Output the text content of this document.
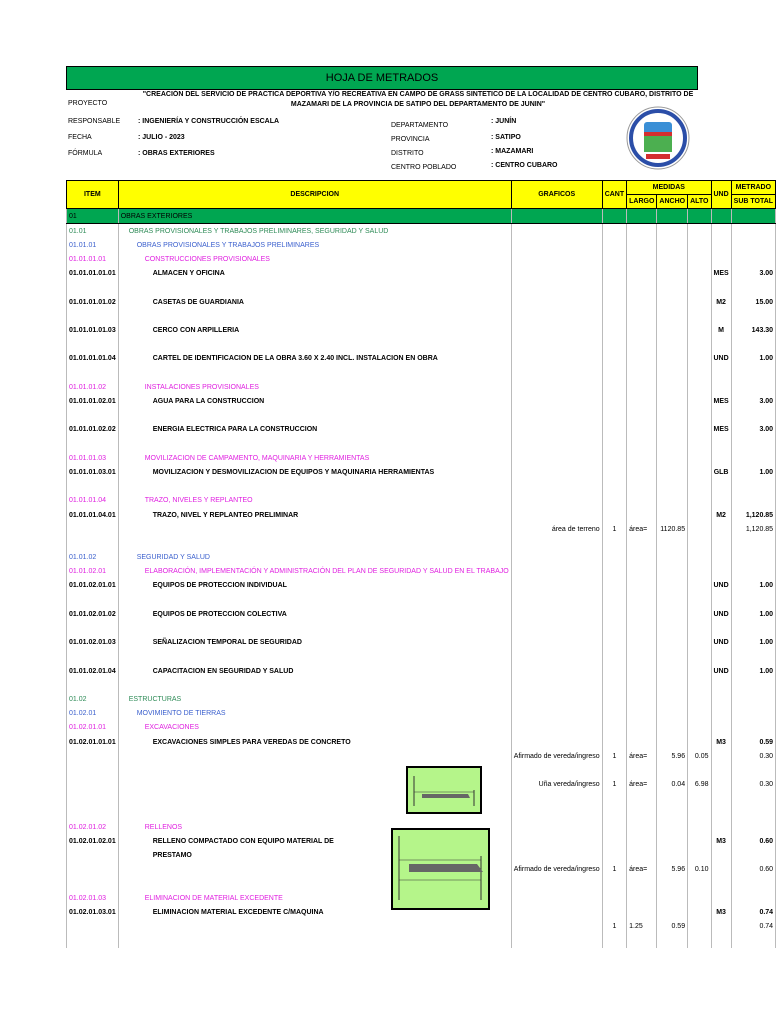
HOJA DE METRADOS
PROYECTO
"CREACIÓN DEL SERVICIO DE PRACTICA DEPORTIVA Y/O RECREATIVA EN CAMPO DE GRASS SINTETICO DE LA LOCALIDAD DE CENTRO CUBARO, DISTRITO DE MAZAMARI DE LA PROVINCIA DE SATIPO DEL DEPARTAMENTO DE JUNIN"
RESPONSABLE	: INGENIERÍA Y CONSTRUCCIÓN ESCALA
FECHA	: JULIO - 2023
FÓRMULA	: OBRAS EXTERIORES
DEPARTAMENTO
: JUNÍN
PROVINCIA	: SATIPO
DISTRITO	: MAZAMARI
CENTRO POBLADO	: CENTRO CUBARO
ITEM	DESCRIPCION	GRAFICOS	CANT	MEDIDAS			UND	METRADO
				LARGO	ANCHO	ALTO		SUB TOTAL
01	OBRAS EXTERIORES							
01.01	OBRAS PROVISIONALES Y TRABAJOS PRELIMINARES, SEGURIDAD Y SALUD							
01.01.01	OBRAS PROVISIONALES Y TRABAJOS PRELIMINARES							
01.01.01.01	CONSTRUCCIONES PROVISIONALES							
01.01.01.01.01	ALMACEN Y OFICINA						MES	3.00

01.01.01.01.02	CASETAS DE GUARDIANIA						M2	15.00

01.01.01.01.03	CERCO CON ARPILLERIA						M	143.30

01.01.01.01.04	CARTEL DE IDENTIFICACION DE LA OBRA 3.60 X 2.40 INCL. INSTALACION EN OBRA						UND	1.00

01.01.01.02	INSTALACIONES PROVISIONALES							
01.01.01.02.01	AGUA PARA LA CONSTRUCCION						MES	3.00

01.01.01.02.02	ENERGIA ELECTRICA PARA LA CONSTRUCCION						MES	3.00

01.01.01.03	MOVILIZACION DE CAMPAMENTO, MAQUINARIA Y HERRAMIENTAS							
01.01.01.03.01	MOVILIZACION Y DESMOVILIZACION DE EQUIPOS Y MAQUINARIA HERRAMIENTAS						GLB	1.00

01.01.01.04	TRAZO, NIVELES Y REPLANTEO							
01.01.01.04.01	TRAZO, NIVEL Y REPLANTEO PRELIMINAR						M2	1,120.85
		área de terreno	1	área=	1120.85			1,120.85

01.01.02	SEGURIDAD Y SALUD							
01.01.02.01	ELABORACIÓN, IMPLEMENTACIÓN Y ADMINISTRACIÓN DEL PLAN DE SEGURIDAD Y SALUD EN EL TRABAJO							
01.01.02.01.01	EQUIPOS DE PROTECCION INDIVIDUAL						UND	1.00

01.01.02.01.02	EQUIPOS DE PROTECCION COLECTIVA						UND	1.00

01.01.02.01.03	SEÑALIZACION TEMPORAL DE SEGURIDAD						UND	1.00

01.01.02.01.04	CAPACITACION EN SEGURIDAD Y SALUD						UND	1.00

01.02	ESTRUCTURAS							
01.02.01	MOVIMIENTO DE TIERRAS							
01.02.01.01	EXCAVACIONES							
01.02.01.01.01	EXCAVACIONES SIMPLES PARA VEREDAS DE CONCRETO						M3	0.59
		Afirmado de vereda/ingreso	1	área=	5.96	0.05		0.30

		Uña vereda/ingreso	1	área=	0.04	6.98		0.30

01.02.01.02	RELLENOS							
01.02.01.02.01	RELLENO COMPACTADO CON EQUIPO MATERIAL DE						M3	0.60
	PRESTAMO							
		Afirmado de vereda/ingreso	1	área=	5.96	0.10		0.60

01.02.01.03	ELIMINACION DE MATERIAL EXCEDENTE							
01.02.01.03.01	ELIMINACION MATERIAL EXCEDENTE C/MAQUINA						M3	0.74
			1	1.25	0.59			0.74
